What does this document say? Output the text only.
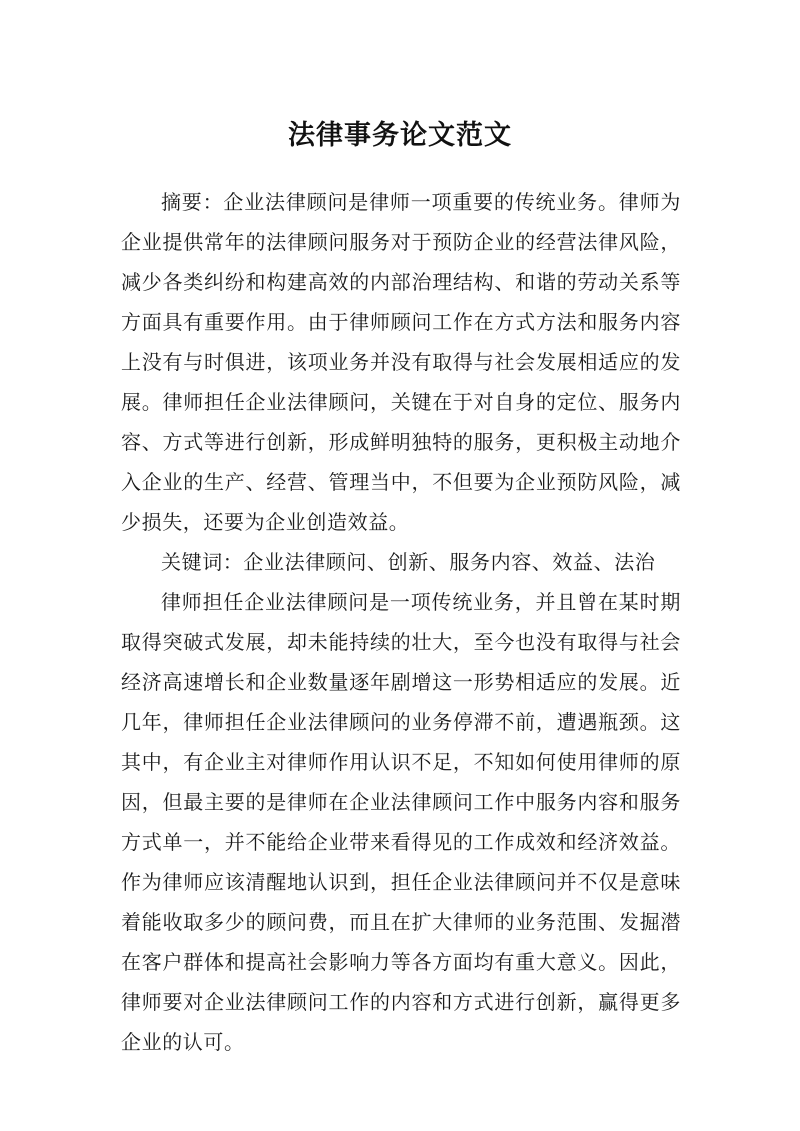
法律事务论文范文

摘要：企业法律顾问是律师一项重要的传统业务。律师为企业提供常年的法律顾问服务对于预防企业的经营法律风险，减少各类纠纷和构建高效的内部治理结构、和谐的劳动关系等方面具有重要作用。由于律师顾问工作在方式方法和服务内容上没有与时俱进，该项业务并没有取得与社会发展相适应的发展。律师担任企业法律顾问，关键在于对自身的定位、服务内容、方式等进行创新，形成鲜明独特的服务，更积极主动地介入企业的生产、经营、管理当中，不但要为企业预防风险，减少损失，还要为企业创造效益。

关键词：企业法律顾问、创新、服务内容、效益、法治

律师担任企业法律顾问是一项传统业务，并且曾在某时期取得突破式发展，却未能持续的壮大，至今也没有取得与社会经济高速增长和企业数量逐年剧增这一形势相适应的发展。近几年，律师担任企业法律顾问的业务停滞不前，遭遇瓶颈。这其中，有企业主对律师作用认识不足，不知如何使用律师的原因，但最主要的是律师在企业法律顾问工作中服务内容和服务方式单一，并不能给企业带来看得见的工作成效和经济效益。作为律师应该清醒地认识到，担任企业法律顾问并不仅是意味着能收取多少的顾问费，而且在扩大律师的业务范围、发掘潜在客户群体和提高社会影响力等各方面均有重大意义。因此，律师要对企业法律顾问工作的内容和方式进行创新，赢得更多企业的认可。
